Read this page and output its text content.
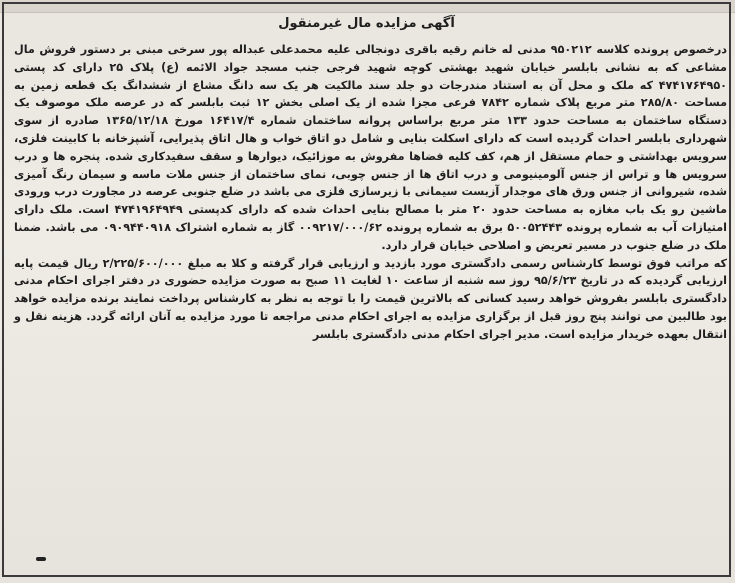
آگهی مزایده مال غیرمنقول

درخصوص پرونده کلاسه ۹۵۰۲۱۲ مدنی له خانم رقیه باقری دونجالی علیه محمدعلی عبداله پور سرخی مبنی بر دستور فروش مال مشاعی که به نشانی بابلسر خیابان شهید بهشتی کوچه شهید فرجی جنب مسجد جواد الائمه (ع) پلاک ۲۵ دارای کد پستی ۴۷۴۱۷۶۴۹۵۰ که ملک و محل آن به استناد مندرجات دو جلد سند مالکیت هر یک سه دانگ مشاع از ششدانگ یک قطعه زمین به مساحت ۲۸۵/۸۰ متر مربع پلاک شماره ۷۸۴۲ فرعی مجزا شده از یک اصلی بخش ۱۲ ثبت بابلسر که در عرصه ملک موصوف یک دستگاه ساختمان به مساحت حدود ۱۳۳ متر مربع براساس پروانه ساختمان شماره ۱۶۴۱۷/۴ مورخ ۱۳۶۵/۱۲/۱۸ صادره از سوی شهرداری بابلسر احداث گردیده است که دارای اسکلت بنایی و شامل دو اتاق خواب و هال اتاق پذیرایی، آشپزخانه با کابینت فلزی، سرویس بهداشتی و حمام مستقل از هم، کف کلیه فضاها مفروش به موزائیک، دیوارها و سقف سفیدکاری شده. پنجره ها و درب سرویس ها و تراس از جنس آلومینیومی و درب اتاق ها از جنس چوبی، نمای ساختمان از جنس ملات ماسه و سیمان رنگ آمیزی شده، شیروانی از جنس ورق های موجدار آزبست سیمانی با زیرسازی فلزی می باشد در ضلع جنوبی عرصه در مجاورت درب ورودی ماشین رو یک باب مغازه به مساحت حدود ۲۰ متر با مصالح بنایی احداث شده که دارای کدپستی ۴۷۴۱۹۶۴۹۴۹ است. ملک دارای امتیازات آب به شماره پرونده ۵۰۰۵۲۴۴۳ برق به شماره پرونده ۰۰۹۲۱۷/۰۰۰/۶۲ گاز به شماره اشتراک ۰۹۰۹۴۴۰۹۱۸ می باشد. ضمنا ملک در ضلع جنوب در مسیر تعریض و اصلاحی خیابان قرار دارد.

که مراتب فوق توسط کارشناس رسمی دادگستری مورد بازدید و ارزیابی قرار گرفته و کلا به مبلغ ۲/۲۲۵/۶۰۰/۰۰۰ ریال قیمت پایه ارزیابی گردیده که در تاریخ ۹۵/۶/۲۳ روز سه شنبه از ساعت ۱۰ لغایت ۱۱ صبح به صورت مزایده حضوری در دفتر اجرای احکام مدنی دادگستری بابلسر بفروش خواهد رسید کسانی که بالاترین قیمت را با توجه به نظر به کارشناس پرداخت نمایند برنده مزایده خواهد بود طالبین می توانند پنج روز قبل از برگزاری مزایده به اجرای احکام مدنی مراجعه تا مورد مزایده به آنان ارائه گردد. هزینه نقل و انتقال بعهده خریدار مزایده است. مدیر اجرای احکام مدنی دادگستری بابلسر
